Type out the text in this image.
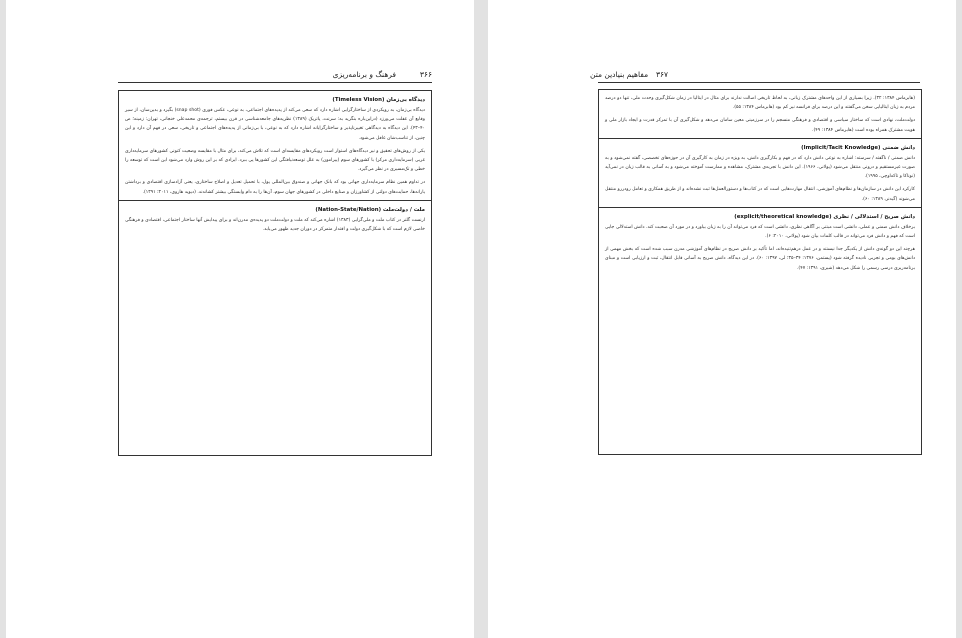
۳۶۶
فرهنگ و برنامه‌ریزی

دیدگاه بی‌زمان (Timeless Vision)

دیدگاه بی‌زمان، به رویکردی از ساختارگرایی اشاره دارد که سعی می‌کند از پدیده‌های اجتماعی، به نوعی، عکس فوری (snap shot) بگیرد و بدین‌سان، از سیر وقایع آن غفلت می‌ورزد (دراین‌باره بنگرید به: سرنت، پاتریک (۱۳۸۹) نظریه‌های جامعه‌شناسی در قرن بیستم، ترجمه‌ی محمدعلی خنجانی، تهران: زمینه؛ ص ۴۰–۴۳). این دیدگاه به دیدگاهی تغییرناپذیر و ساختارگرایانه اشاره دارد که به نوعی، با بی‌زمانی از پدیده‌های اجتماعی و تاریخی، سعی در فهم آن دارد و این چنین، از تناسب‌شان غافل می‌شود.

یکی از روش‌های تحقیق و نیز دیدگاه‌های استوار است رویکردهای مقایسه‌ای است که تلاش می‌کند، برای مثال با مقایسه وضعیت کنونی کشورهای سرمایه‌داری غربی (سرمایه‌داری مرکز) با کشورهای سوم (پیرامون) به علل توسعه‌نیافتگی این کشورها پی ببرد. ایرادی که بر این روش وارد می‌شود این است که توسعه را خطی و تک‌مسیری در نظر می‌گیرد.

در تداوم همین نظام سرمایه‌داری جهانی بود که بانک جهانی و صندوق بین‌المللی پول، با تحمیل تعدیل و اصلاح ساختاری، یعنی آزادسازی اقتصادی و برداشتن یارانه‌ها، حمایت‌های دولتی از کشاورزان و صنایع داخلی در کشورهای جهان سوم، آن‌ها را به دام وابستگی بیشتر کشاندند. (دیوید هاروی، ۲۰۱۱؛ ۱۳۹۱).

ملت / دولت‌ملت (Nation-State/Nation)

ارنست گلنر در کتاب ملت و ملی‌گرایی (۱۳۸۳) اشاره می‌کند که ملت و دولت‌ملت دو پدیده‌ی مدرن‌اند و برای پیدایش آنها ساختار اجتماعی، اقتصادی و فرهنگی خاصی لازم است که با شکل‌گیری دولت و اقتدار متمرکز در دوران جدید ظهور می‌یابد.

۳۶۷
مفاهیم بنیادین متن

(هابرماس ۱۳۸۴: ۳۲). زیرا بسیاری از این واحدهای مشترک زبانی، به لحاظ تاریخی اصالت ندارند برای مثال در ایتالیا در زمان شکل‌گیری وحدت ملی، تنها دو درصد مردم به زبان ایتالیایی سخن می‌گفتند و این درصد برای فرانسه نیز کم بود (هابرماس ۱۳۸۴: ۵۵).

دولت‌ملت، نهادی است که ساختار سیاسی و اقتصادی و فرهنگی منسجم را در سرزمینی معین سامان می‌دهد و شکل‌گیری آن با تمرکز قدرت و ایجاد بازار ملی و هویت مشترک همراه بوده است (هابرماس ۱۳۸۴: ۴۹).

دانش ضمنی (Implicit/Tacit Knowledge)

دانش ضمنی / ناگفته / سرسته: اشاره به نوعی دانش دارد که در فهم و بکارگیری دانش، به ویژه در زمان به کارگیری آن در حوزه‌های تخصصی، گفته نمی‌شود و به صورت غیرمستقیم و درونی منتقل می‌شود (پولانی، ۱۹۶۶). این دانش با تجربه‌ی مشترک، مشاهده و ممارست آموخته می‌شود و به آسانی به قالب زبان در نمی‌آید (نوناکا و تاکه‌اوچی، ۱۹۹۵).

کارکرد این دانش در سازمان‌ها و نظام‌های آموزشی، انتقال مهارت‌هایی است که در کتاب‌ها و دستورالعمل‌ها ثبت نشده‌اند و از طریق همکاری و تعامل رودررو منتقل می‌شوند (گیدنز، ۱۳۸۹: ۶۰).

دانش صریح / استدلالی / نظری (explicit/theoretical knowledge)

برخلاف دانش ضمنی و عملی، دانشی است مبتنی بر آگاهی نظری، دانشی است که فرد می‌تواند آن را به زبان بیاورد و در مورد آن صحبت کند. دانش استدلالی جایی است که فهم و دانش فرد می‌تواند در قالب کلمات بیان شود (پولانی، ۲۰۱۰: ۶).

هرچند این دو گونه‌ی دانش از یکدیگر جدا نیستند و در عمل درهم‌تنیده‌اند، اما تأکید بر دانش صریح در نظام‌های آموزشی مدرن سبب شده است که بخش مهمی از دانش‌های بومی و تجربی نادیده گرفته شود (پستمن، ۱۳۷۶: ۳۴–۳۵؛ لی، ۱۳۹۷: ۶۰). در این دیدگاه، دانش صریح به آسانی قابل انتقال، ثبت و ارزیابی است و مبنای برنامه‌ریزی درسی رسمی را شکل می‌دهد (شیری، ۱۳۹۱: ۴۷).
